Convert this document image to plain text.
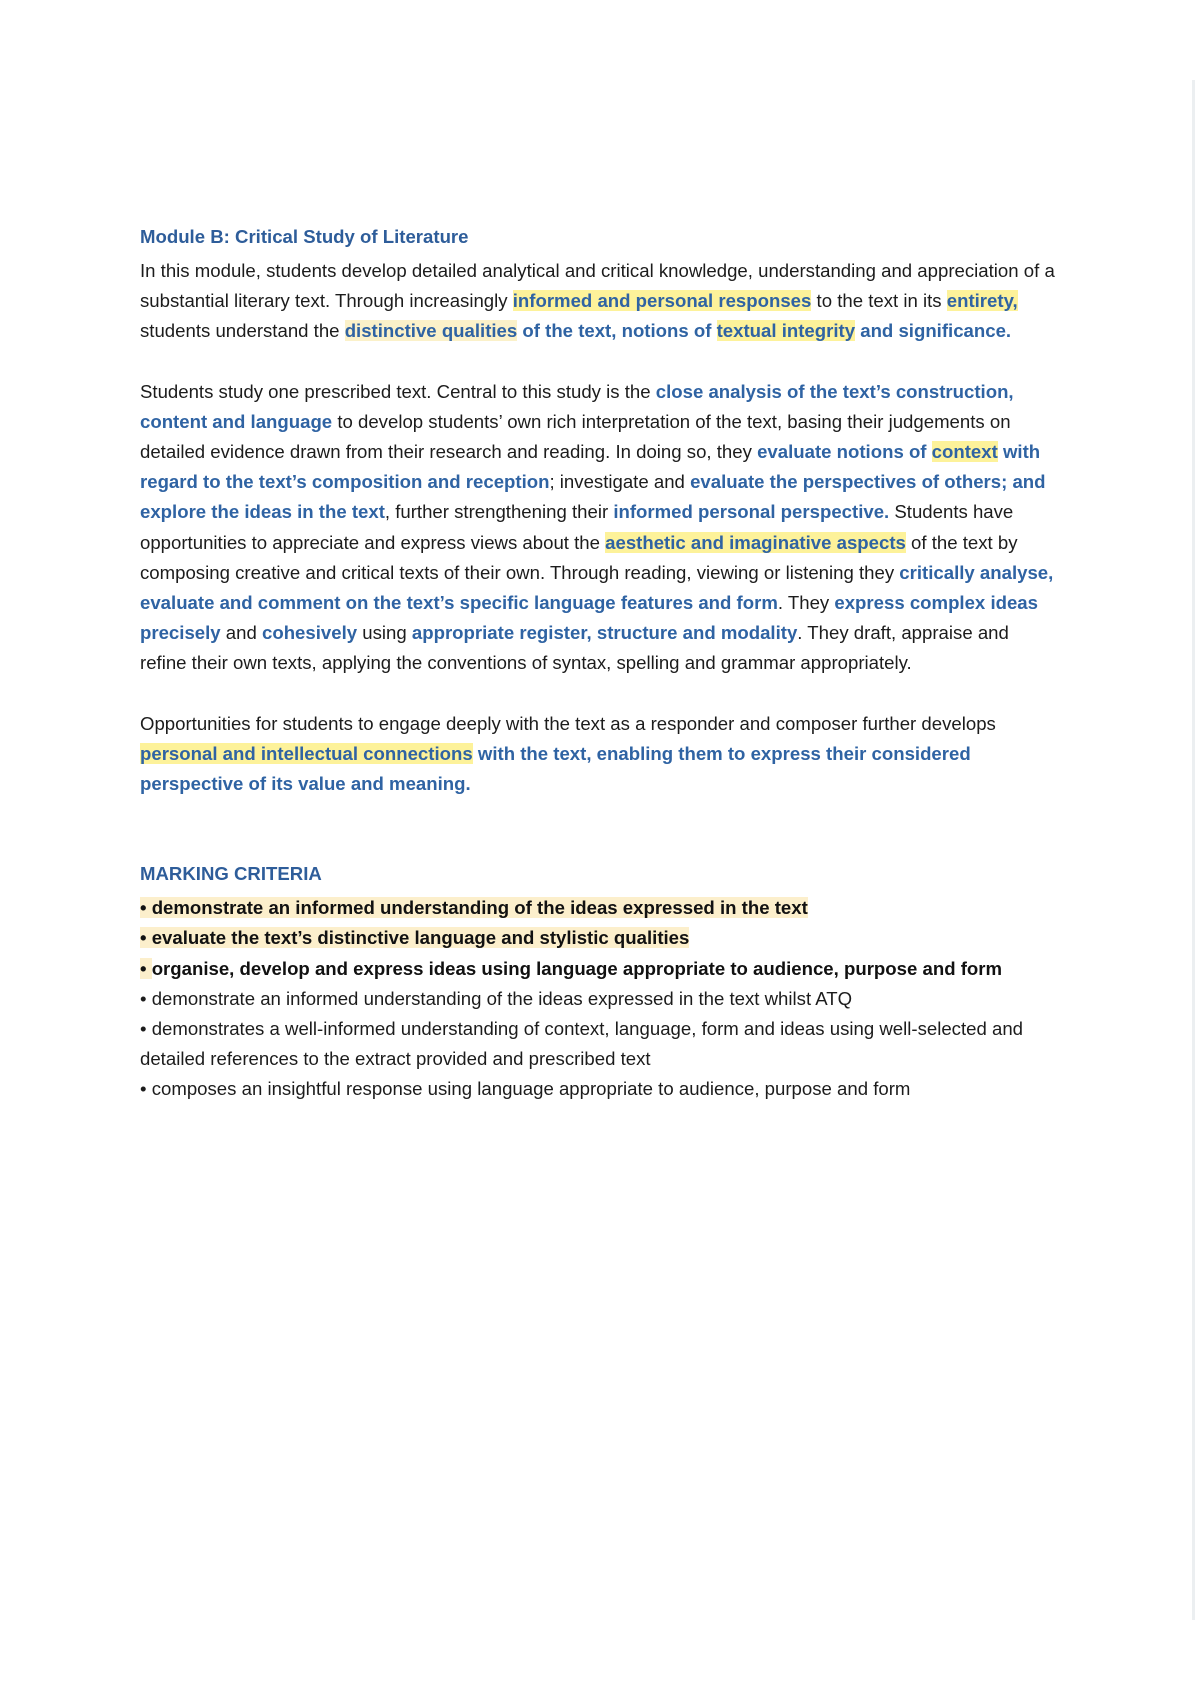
Module B: Critical Study of Literature

In this module, students develop detailed analytical and critical knowledge, understanding and appreciation of a substantial literary text. Through increasingly informed and personal responses to the text in its entirety, students understand the distinctive qualities of the text, notions of textual integrity and significance.

Students study one prescribed text. Central to this study is the close analysis of the text’s construction, content and language to develop students’ own rich interpretation of the text, basing their judgements on detailed evidence drawn from their research and reading. In doing so, they evaluate notions of context with regard to the text’s composition and reception; investigate and evaluate the perspectives of others; and explore the ideas in the text, further strengthening their informed personal perspective. Students have opportunities to appreciate and express views about the aesthetic and imaginative aspects of the text by composing creative and critical texts of their own. Through reading, viewing or listening they critically analyse, evaluate and comment on the text’s specific language features and form. They express complex ideas precisely and cohesively using appropriate register, structure and modality. They draft, appraise and refine their own texts, applying the conventions of syntax, spelling and grammar appropriately.

Opportunities for students to engage deeply with the text as a responder and composer further develops personal and intellectual connections with the text, enabling them to express their considered perspective of its value and meaning.

MARKING CRITERIA
• demonstrate an informed understanding of the ideas expressed in the text
• evaluate the text’s distinctive language and stylistic qualities
• organise, develop and express ideas using language appropriate to audience, purpose and form
• demonstrate an informed understanding of the ideas expressed in the text whilst ATQ
• demonstrates a well-informed understanding of context, language, form and ideas using well-selected and detailed references to the extract provided and prescribed text
• composes an insightful response using language appropriate to audience, purpose and form
